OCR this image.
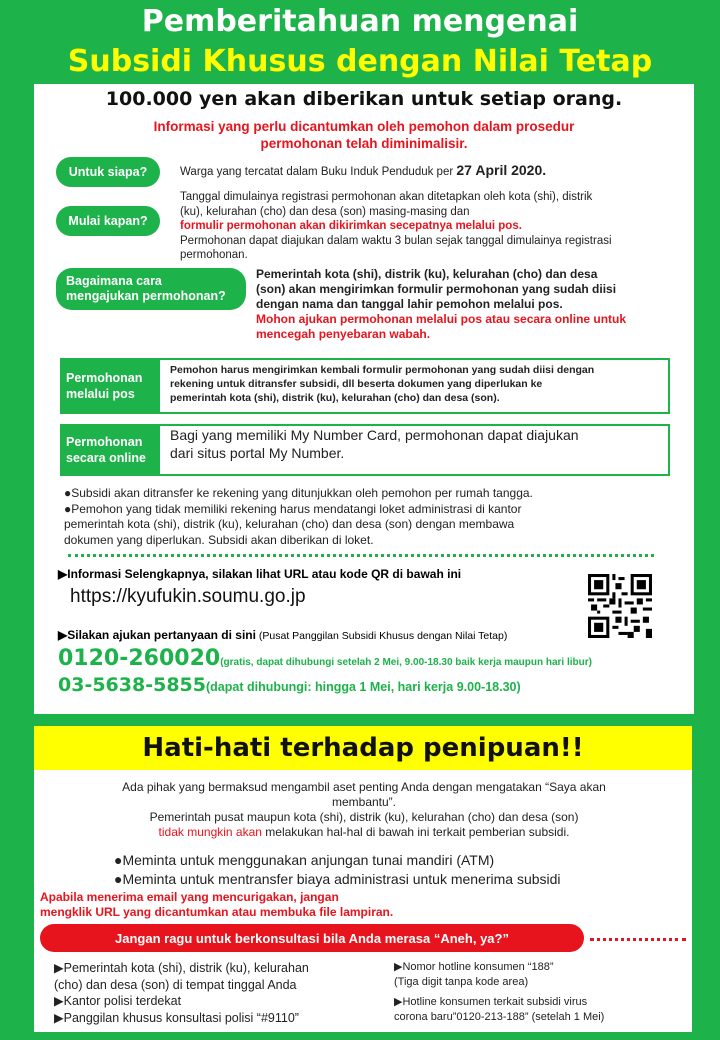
Pemberitahuan mengenai
Subsidi Khusus dengan Nilai Tetap
100.000 yen akan diberikan untuk setiap orang.
Informasi yang perlu dicantumkan oleh pemohon dalam prosedur
permohonan telah diminimalisir.
Untuk siapa?	Warga yang tercatat dalam Buku Induk Penduduk per 27 April 2020.
Mulai kapan?
Tanggal dimulainya registrasi permohonan akan ditetapkan oleh kota (shi), distrik
(ku), kelurahan (cho) dan desa (son) masing-masing dan
formulir permohonan akan dikirimkan secepatnya melalui pos.
Permohonan dapat diajukan dalam waktu 3 bulan sejak tanggal dimulainya registrasi
permohonan.
Bagaimana cara
mengajukan permohonan?
Pemerintah kota (shi), distrik (ku), kelurahan (cho) dan desa
(son) akan mengirimkan formulir permohonan yang sudah diisi
dengan nama dan tanggal lahir pemohon melalui pos.
Mohon ajukan permohonan melalui pos atau secara online untuk
mencegah penyebaran wabah.
Permohonan
melalui pos
Pemohon harus mengirimkan kembali formulir permohonan yang sudah diisi dengan
rekening untuk ditransfer subsidi, dll beserta dokumen yang diperlukan ke
pemerintah kota (shi), distrik (ku), kelurahan (cho) dan desa (son).
Permohonan
secara online
Bagi yang memiliki My Number Card, permohonan dapat diajukan
dari situs portal My Number.
●Subsidi akan ditransfer ke rekening yang ditunjukkan oleh pemohon per rumah tangga.
●Pemohon yang tidak memiliki rekening harus mendatangi loket administrasi di kantor
pemerintah kota (shi), distrik (ku), kelurahan (cho) dan desa (son) dengan membawa
dokumen yang diperlukan. Subsidi akan diberikan di loket.
▶Informasi Selengkapnya, silakan lihat URL atau kode QR di bawah ini
https://kyufukin.soumu.go.jp
▶Silakan ajukan pertanyaan di sini (Pusat Panggilan Subsidi Khusus dengan Nilai Tetap)
0120-260020(gratis, dapat dihubungi setelah 2 Mei, 9.00-18.30 baik kerja maupun hari libur)
03-5638-5855(dapat dihubungi: hingga 1 Mei, hari kerja 9.00-18.30)
Hati-hati terhadap penipuan!!
Ada pihak yang bermaksud mengambil aset penting Anda dengan mengatakan “Saya akan
membantu”.
Pemerintah pusat maupun kota (shi), distrik (ku), kelurahan (cho) dan desa (son)
tidak mungkin akan melakukan hal-hal di bawah ini terkait pemberian subsidi.
●Meminta untuk menggunakan anjungan tunai mandiri (ATM)
●Meminta untuk mentransfer biaya administrasi untuk menerima subsidi
Apabila menerima email yang mencurigakan, jangan
mengklik URL yang dicantumkan atau membuka file lampiran.
Jangan ragu untuk berkonsultasi bila Anda merasa “Aneh, ya?”
▶Pemerintah kota (shi), distrik (ku), kelurahan
(cho) dan desa (son) di tempat tinggal Anda
▶Kantor polisi terdekat
▶Panggilan khusus konsultasi polisi “#9110”
▶Nomor hotline konsumen “188”
(Tiga digit tanpa kode area)
▶Hotline konsumen terkait subsidi virus
corona baru”0120-213-188” (setelah 1 Mei)
